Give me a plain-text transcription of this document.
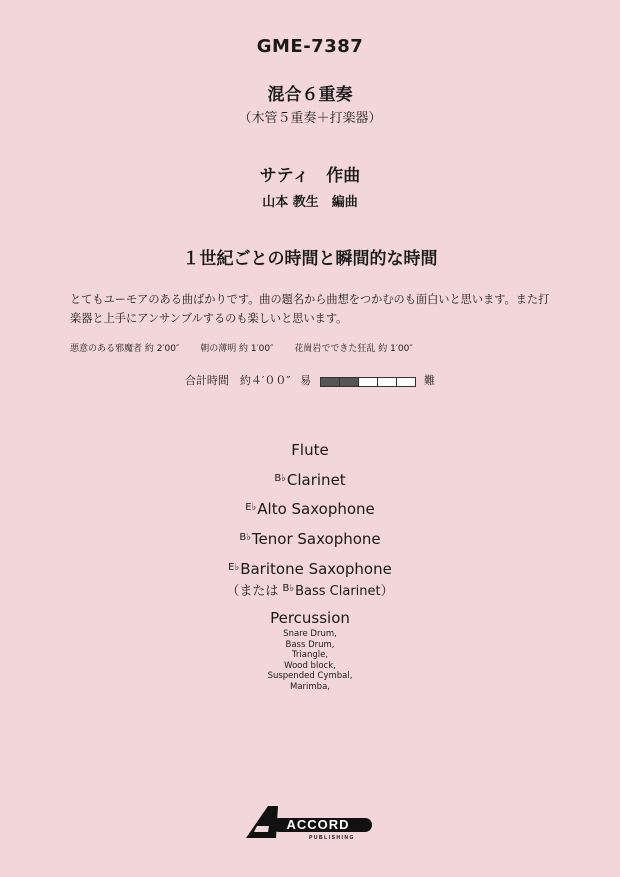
GME-7387
混合６重奏
（木管５重奏＋打楽器）
サティ　作曲
山本 教生　編曲
１世紀ごとの時間と瞬間的な時間
とてもユーモアのある曲ばかりです。曲の題名から曲想をつかむのも面白いと思います。また打楽器と上手にアンサンブルするのも楽しいと思います。
悪意のある邪魔者 約 2′00″ 朝の薄明 約 1′00″ 花崗岩でできた狂乱 約 1′00″
合計時間　約４′００″ 易	難
Flute
$^{B♭}$Clarinet
$^{E♭}$Alto Saxophone
$^{B♭}$Tenor Saxophone
$^{E♭}$Baritone Saxophone
（または $^{B♭}$Bass Clarinet）
Percussion
Snare Drum,
Bass Drum,
Triangle,
Wood block,
Suspended Cymbal,
Marimba,
ACCORD
PUBLISHING
